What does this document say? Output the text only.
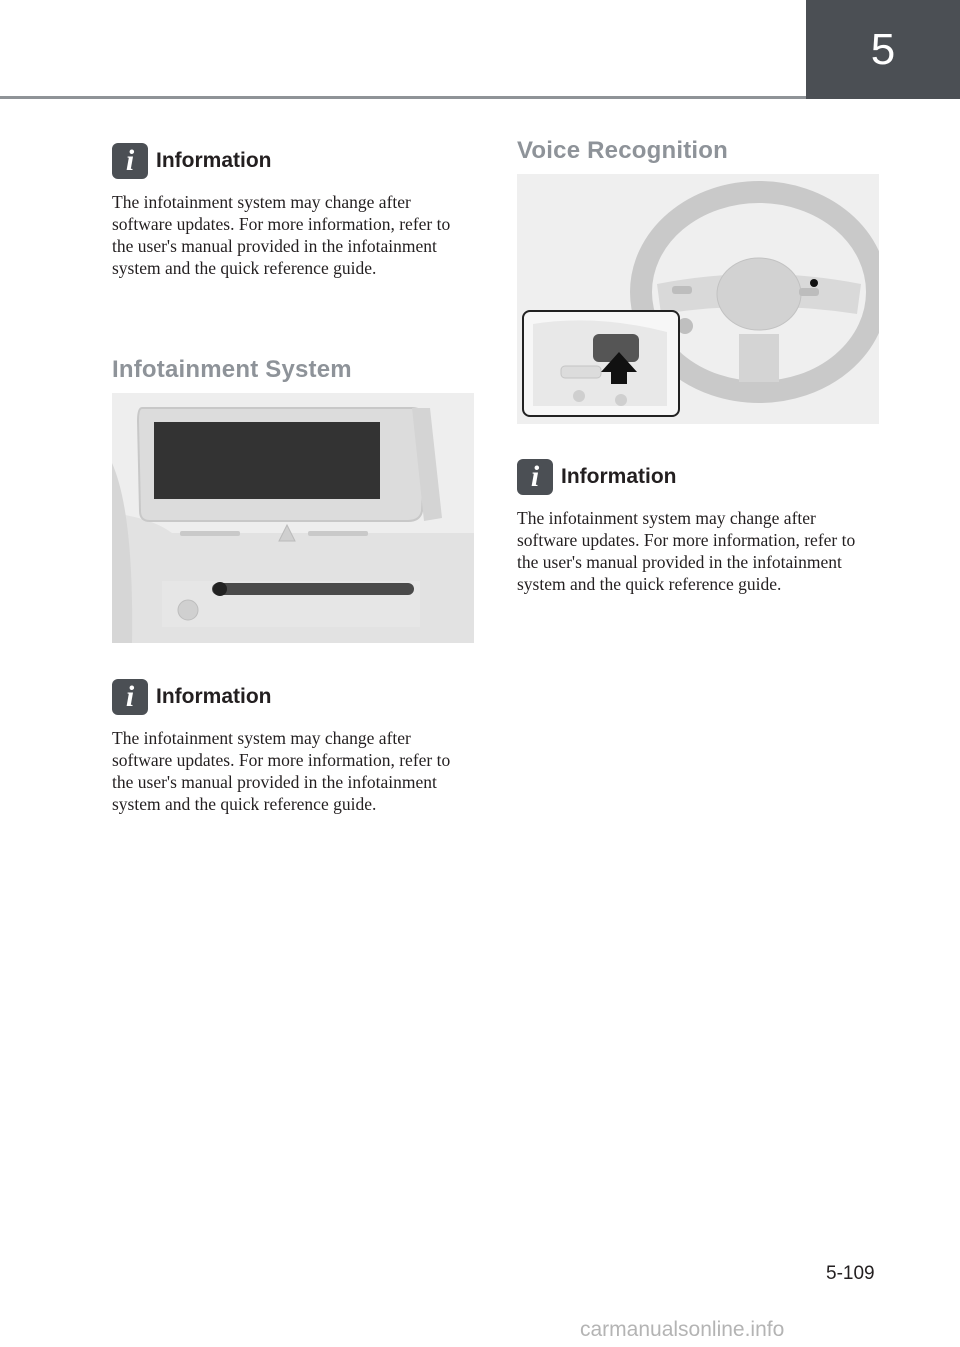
5
i	Information

The infotainment system may change after software updates. For more information, refer to the user's manual provided in the infotainment system and the quick reference guide.

Infotainment System
i	Information

The infotainment system may change after software updates. For more information, refer to the user's manual provided in the infotainment system and the quick reference guide.

Voice Recognition
i	Information

The infotainment system may change after software updates. For more information, refer to the user's manual provided in the infotainment system and the quick reference guide.

5-109
carmanualsonline.info
